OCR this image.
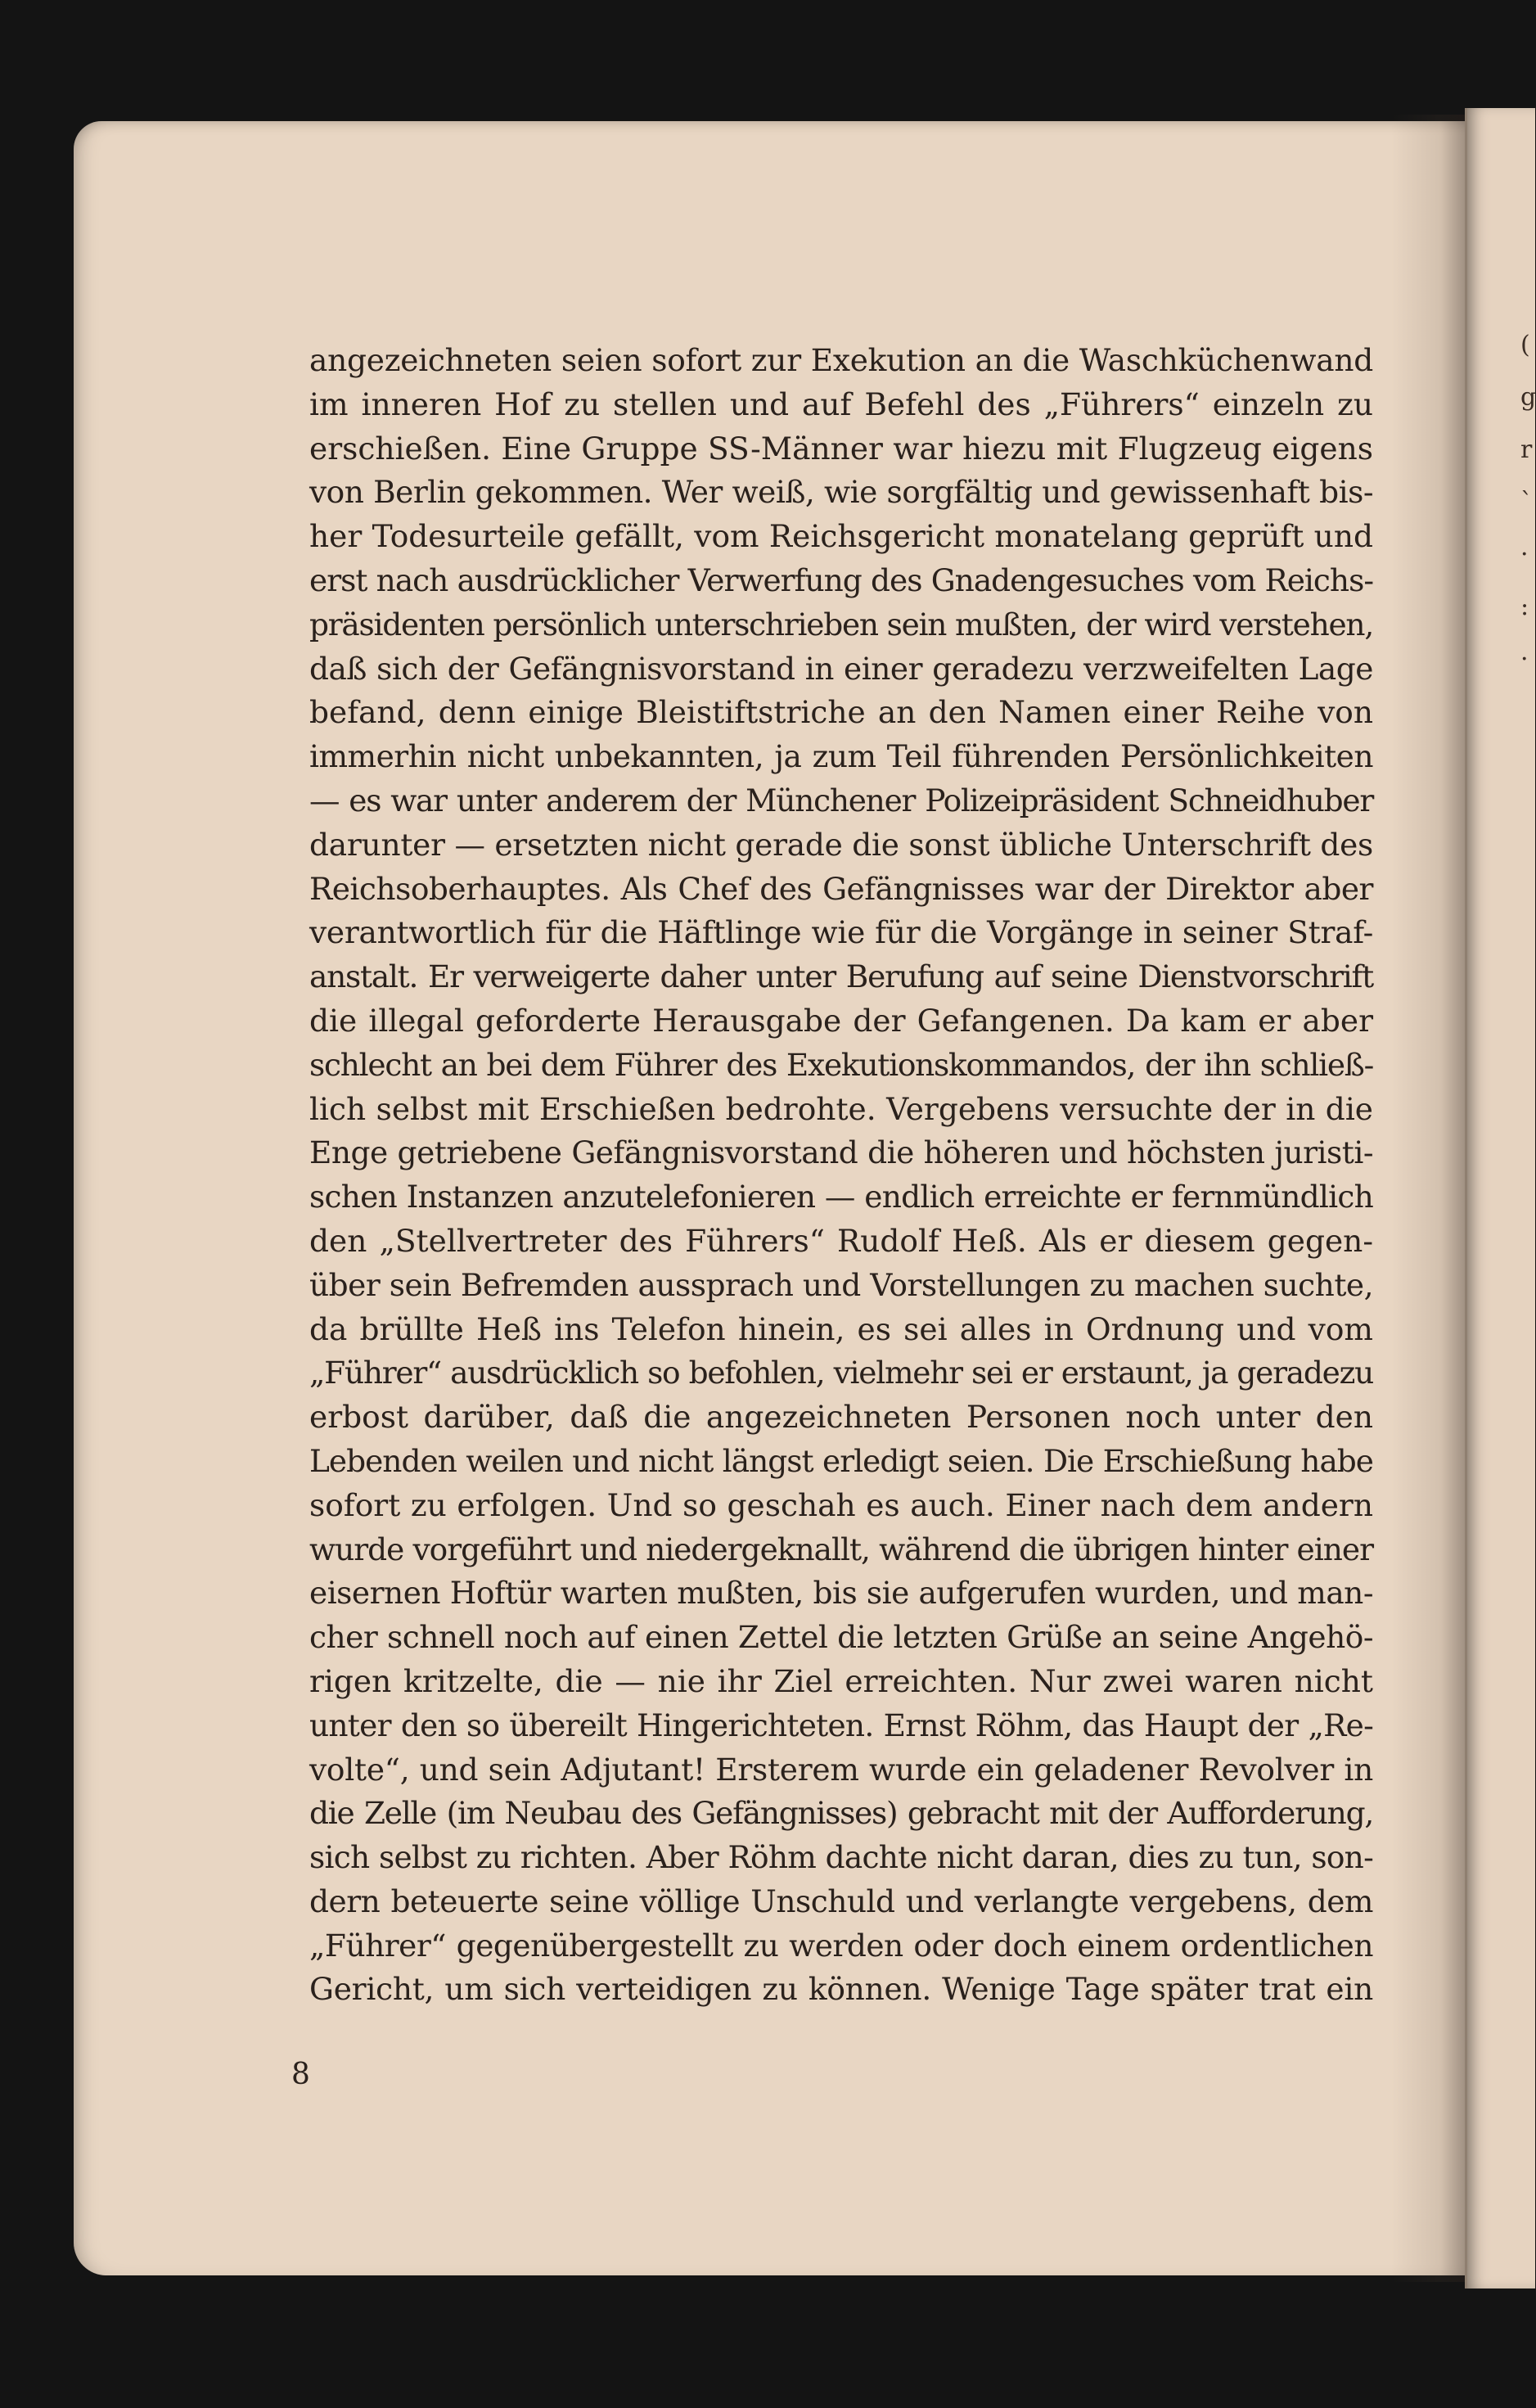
(
g
r
`
·
:
·

angezeichneten seien sofort zur Exekution an die Waschküchenwand
im inneren Hof zu stellen und auf Befehl des „Führers“ einzeln zu
erschießen. Eine Gruppe SS-Männer war hiezu mit Flugzeug eigens
von Berlin gekommen. Wer weiß, wie sorgfältig und gewissenhaft bis-
her Todesurteile gefällt, vom Reichsgericht monatelang geprüft und
erst nach ausdrücklicher Verwerfung des Gnadengesuches vom Reichs-
präsidenten persönlich unterschrieben sein mußten, der wird verstehen,
daß sich der Gefängnisvorstand in einer geradezu verzweifelten Lage
befand, denn einige Bleistiftstriche an den Namen einer Reihe von
immerhin nicht unbekannten, ja zum Teil führenden Persönlichkeiten
— es war unter anderem der Münchener Polizeipräsident Schneidhuber
darunter — ersetzten nicht gerade die sonst übliche Unterschrift des
Reichsoberhauptes. Als Chef des Gefängnisses war der Direktor aber
verantwortlich für die Häftlinge wie für die Vorgänge in seiner Straf-
anstalt. Er verweigerte daher unter Berufung auf seine Dienstvorschrift
die illegal geforderte Herausgabe der Gefangenen. Da kam er aber
schlecht an bei dem Führer des Exekutionskommandos, der ihn schließ-
lich selbst mit Erschießen bedrohte. Vergebens versuchte der in die
Enge getriebene Gefängnisvorstand die höheren und höchsten juristi-
schen Instanzen anzutelefonieren — endlich erreichte er fernmündlich
den „Stellvertreter des Führers“ Rudolf Heß. Als er diesem gegen-
über sein Befremden aussprach und Vorstellungen zu machen suchte,
da brüllte Heß ins Telefon hinein, es sei alles in Ordnung und vom
„Führer“ ausdrücklich so befohlen, vielmehr sei er erstaunt, ja geradezu
erbost darüber, daß die angezeichneten Personen noch unter den
Lebenden weilen und nicht längst erledigt seien. Die Erschießung habe
sofort zu erfolgen. Und so geschah es auch. Einer nach dem andern
wurde vorgeführt und niedergeknallt, während die übrigen hinter einer
eisernen Hoftür warten mußten, bis sie aufgerufen wurden, und man-
cher schnell noch auf einen Zettel die letzten Grüße an seine Angehö-
rigen kritzelte, die — nie ihr Ziel erreichten. Nur zwei waren nicht
unter den so übereilt Hingerichteten. Ernst Röhm, das Haupt der „Re-
volte“, und sein Adjutant! Ersterem wurde ein geladener Revolver in
die Zelle (im Neubau des Gefängnisses) gebracht mit der Aufforderung,
sich selbst zu richten. Aber Röhm dachte nicht daran, dies zu tun, son-
dern beteuerte seine völlige Unschuld und verlangte vergebens, dem
„Führer“ gegenübergestellt zu werden oder doch einem ordentlichen
Gericht, um sich verteidigen zu können. Wenige Tage später trat ein

8
